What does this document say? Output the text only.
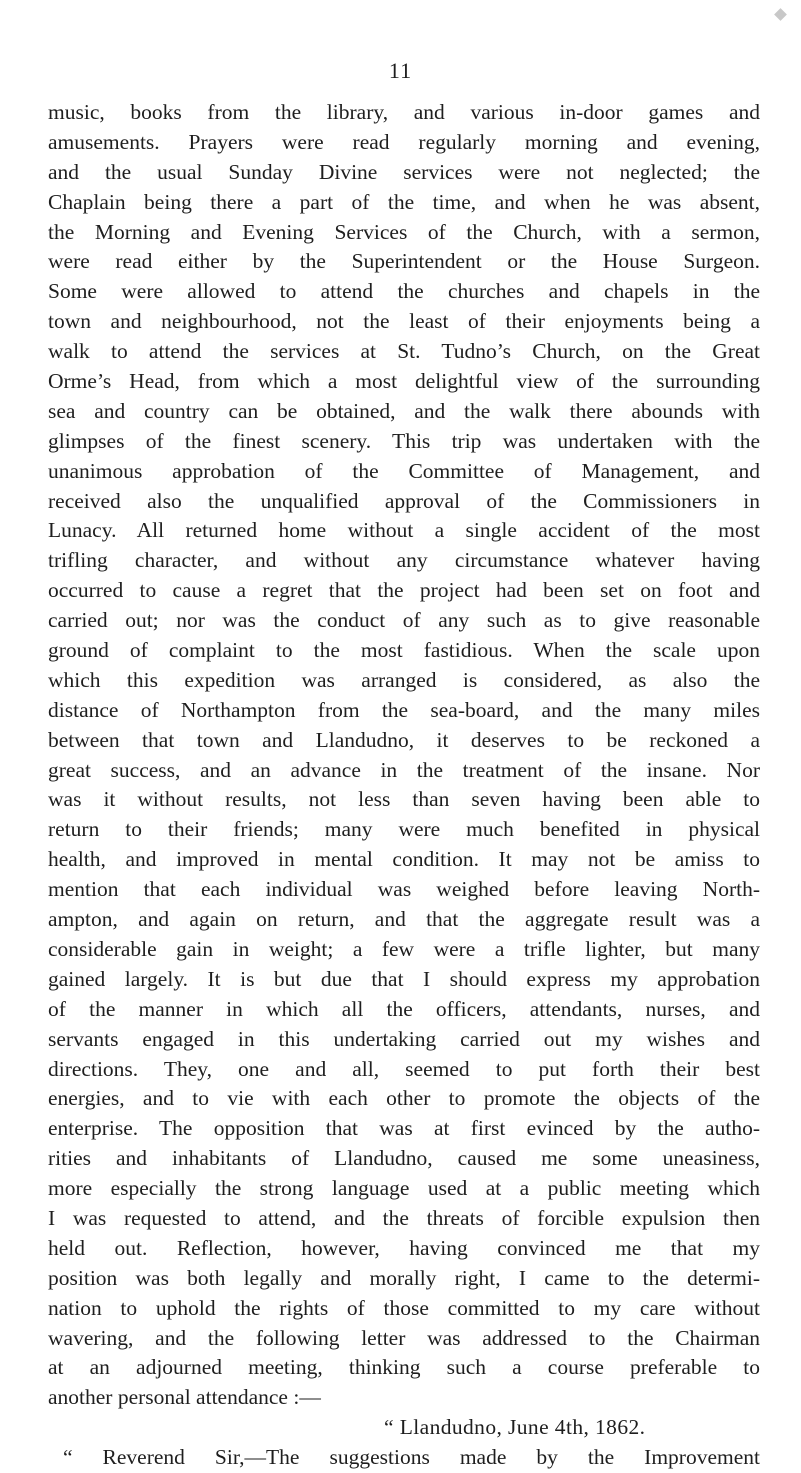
11
music, books from the library, and various in-door games and
amusements. Prayers were read regularly morning and evening,
and the usual Sunday Divine services were not neglected; the
Chaplain being there a part of the time, and when he was absent,
the Morning and Evening Services of the Church, with a sermon,
were read either by the Superintendent or the House Surgeon.
Some were allowed to attend the churches and chapels in the
town and neighbourhood, not the least of their enjoyments being a
walk to attend the services at St. Tudno’s Church, on the Great
Orme’s Head, from which a most delightful view of the surrounding
sea and country can be obtained, and the walk there abounds with
glimpses of the finest scenery. This trip was undertaken with the
unanimous approbation of the Committee of Management, and
received also the unqualified approval of the Commissioners in
Lunacy. All returned home without a single accident of the most
trifling character, and without any circumstance whatever having
occurred to cause a regret that the project had been set on foot and
carried out; nor was the conduct of any such as to give reasonable
ground of complaint to the most fastidious. When the scale upon
which this expedition was arranged is considered, as also the
distance of Northampton from the sea-board, and the many miles
between that town and Llandudno, it deserves to be reckoned a
great success, and an advance in the treatment of the insane. Nor
was it without results, not less than seven having been able to
return to their friends; many were much benefited in physical
health, and improved in mental condition. It may not be amiss to
mention that each individual was weighed before leaving North-
ampton, and again on return, and that the aggregate result was a
considerable gain in weight; a few were a trifle lighter, but many
gained largely. It is but due that I should express my approbation
of the manner in which all the officers, attendants, nurses, and
servants engaged in this undertaking carried out my wishes and
directions. They, one and all, seemed to put forth their best
energies, and to vie with each other to promote the objects of the
enterprise. The opposition that was at first evinced by the autho-
rities and inhabitants of Llandudno, caused me some uneasiness,
more especially the strong language used at a public meeting which
I was requested to attend, and the threats of forcible expulsion then
held out. Reflection, however, having convinced me that my
position was both legally and morally right, I came to the determi-
nation to uphold the rights of those committed to my care without
wavering, and the following letter was addressed to the Chairman
at an adjourned meeting, thinking such a course preferable to
another personal attendance :—
“ Llandudno, June 4th, 1862.
“ Reverend Sir,—The suggestions made by the Improvement
